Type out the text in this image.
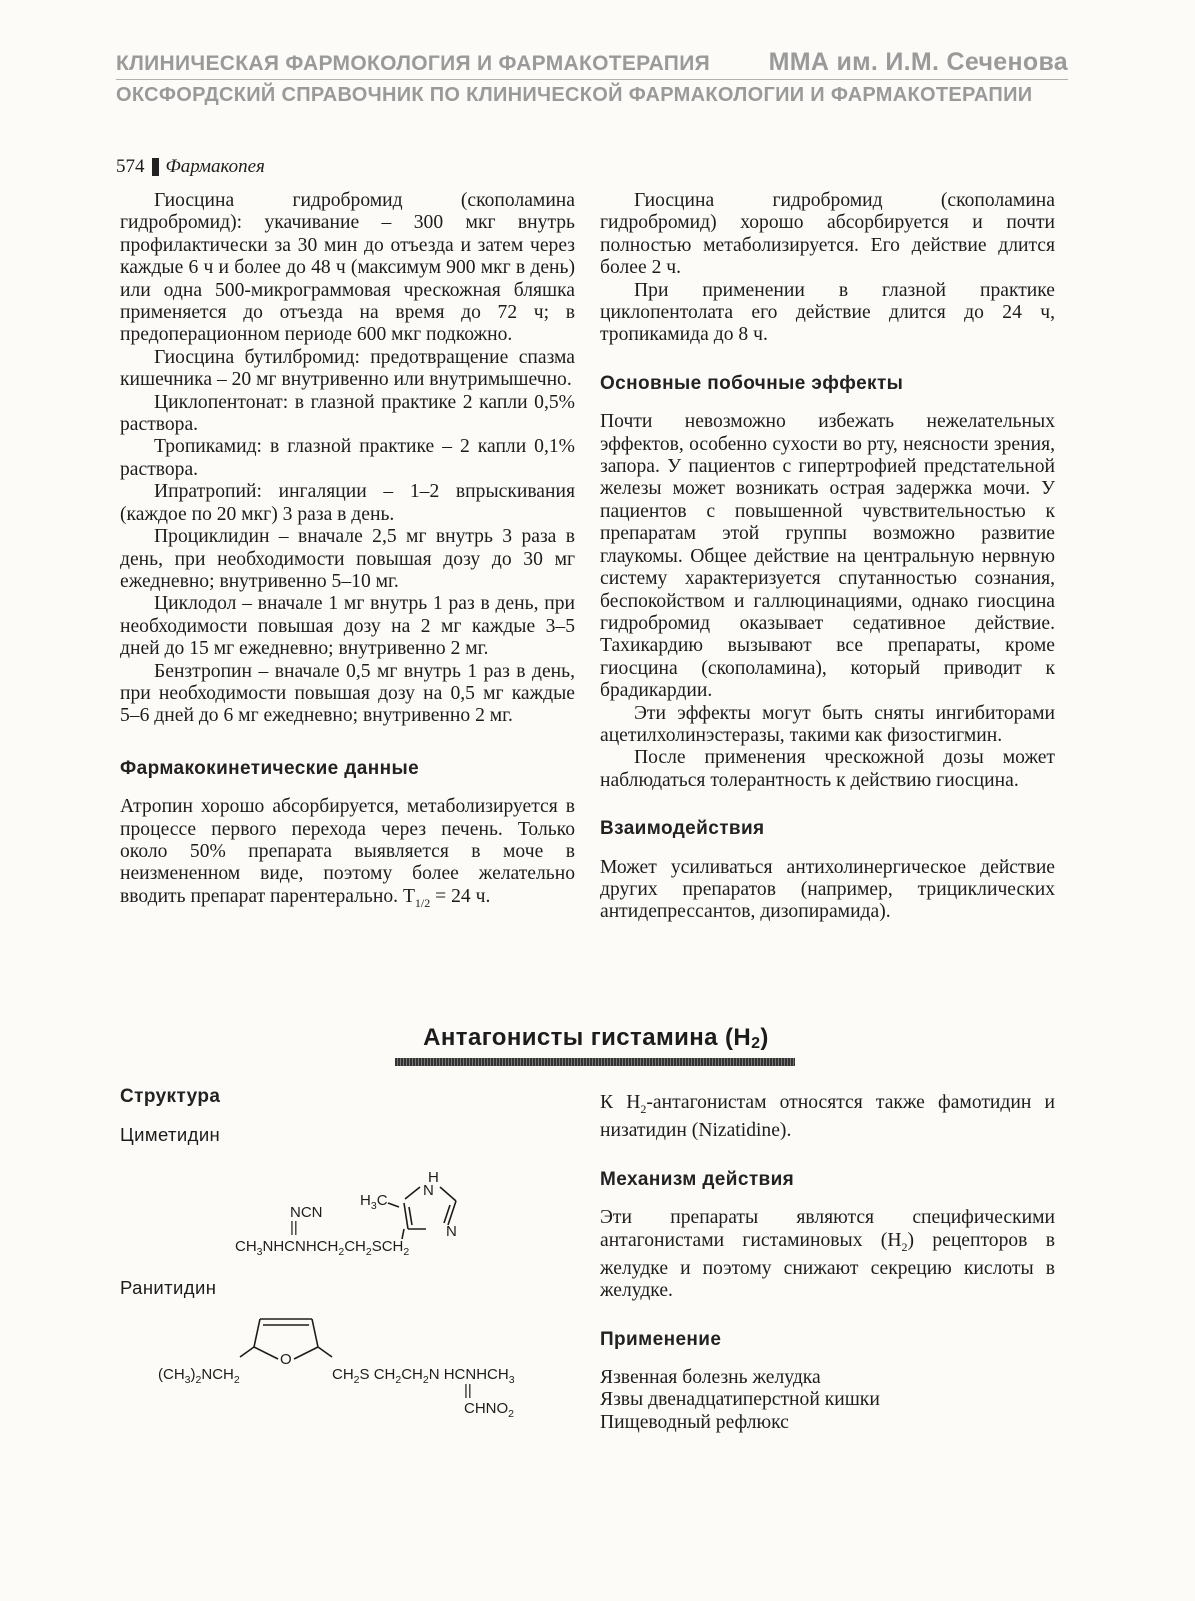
КЛИНИЧЕСКАЯ ФАРМОКОЛОГИЯ И ФАРМАКОТЕРАПИЯ ММА им. И.М. Сеченова
ОКСФОРДСКИЙ СПРАВОЧНИК ПО КЛИНИЧЕСКОЙ ФАРМАКОЛОГИИ И ФАРМАКОТЕРАПИИ
574 Фармакопея

Гиосцина гидробромид (скополамина гидробромид): укачивание – 300 мкг внутрь профилактически за 30 мин до отъезда и затем через каждые 6 ч и более до 48 ч (максимум 900 мкг в день) или одна 500-микрограммовая чрескожная бляшка применяется до отъезда на время до 72 ч; в предоперационном периоде 600 мкг подкожно.

Гиосцина бутилбромид: предотвращение спазма кишечника – 20 мг внутривенно или внутримышечно.

Циклопентонат: в глазной практике 2 капли 0,5% раствора.

Тропикамид: в глазной практике – 2 капли 0,1% раствора.

Ипратропий: ингаляции – 1–2 впрыскивания (каждое по 20 мкг) 3 раза в день.

Проциклидин – вначале 2,5 мг внутрь 3 раза в день, при необходимости повышая дозу до 30 мг ежедневно; внутривенно 5–10 мг.

Циклодол – вначале 1 мг внутрь 1 раз в день, при необходимости повышая дозу на 2 мг каждые 3–5 дней до 15 мг ежедневно; внутривенно 2 мг.

Бензтропин – вначале 0,5 мг внутрь 1 раз в день, при необходимости повышая дозу на 0,5 мг каждые 5–6 дней до 6 мг ежедневно; внутривенно 2 мг.

Фармакокинетические данные

Атропин хорошо абсорбируется, метаболизируется в процессе первого перехода через печень. Только около 50% препарата выявляется в моче в неизмененном виде, поэтому более желательно вводить препарат парентерально. $T_{1/2} = 24$ ч.

Гиосцина гидробромид (скополамина гидробромид) хорошо абсорбируется и почти полностью метаболизируется. Его действие длится более 2 ч.

При применении в глазной практике циклопентолата его действие длится до 24 ч, тропикамида до 8 ч.

Основные побочные эффекты

Почти невозможно избежать нежелательных эффектов, особенно сухости во рту, неясности зрения, запора. У пациентов с гипертрофией предстательной железы может возникать острая задержка мочи. У пациентов с повышенной чувствительностью к препаратам этой группы возможно развитие глаукомы. Общее действие на центральную нервную систему характеризуется спутанностью сознания, беспокойством и галлюцинациями, однако гиосцина гидробромид оказывает седативное действие. Тахикардию вызывают все препараты, кроме гиосцина (скополамина), который приводит к брадикардии.

Эти эффекты могут быть сняты ингибиторами ацетилхолинэстеразы, такими как физостигмин.

После применения чрескожной дозы может наблюдаться толерантность к действию гиосцина.

Взаимодействия

Может усиливаться антихолинергическое действие других препаратов (например, трициклических антидепрессантов, дизопирамида).

Антагонисты гистамина (H2)
Структура
Циметидин
H
N
N
$H_3C$
NCN
||
$CH_3NHCNHCH_2CH_2SCH_2$
Ранитидин
O
$(CH_3)_2NCH_2$	$CH_2S$ $CH_2CH_2N$ $HCNHCH_3$
||
$CHNO_2$

К $H_2$-антагонистам относятся также фамотидин и низатидин (Nizatidine).

Механизм действия

Эти препараты являются специфическими антагонистами гистаминовых $(H_2)$ рецепторов в желудке и поэтому снижают секрецию кислоты в желудке.

Применение

Язвенная болезнь желудка

Язвы двенадцатиперстной кишки

Пищеводный рефлюкс
